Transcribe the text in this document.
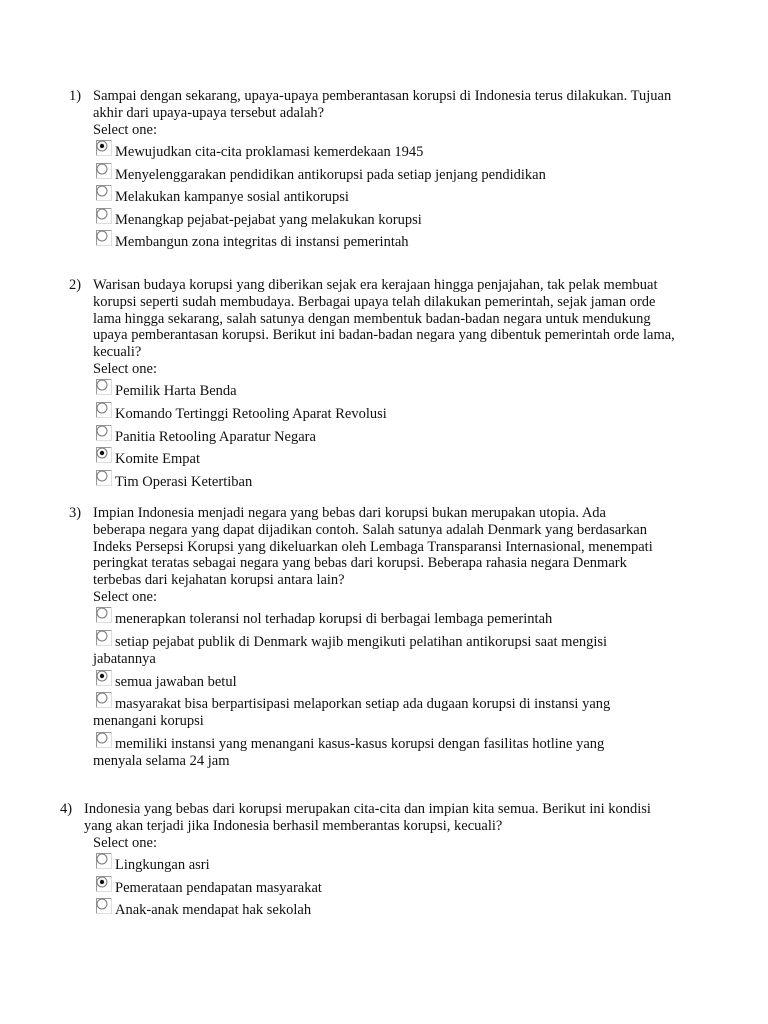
1) Sampai dengan sekarang, upaya-upaya pemberantasan korupsi di Indonesia terus dilakukan. Tujuan akhir dari upaya-upaya tersebut adalah?

Select one:

Mewujudkan cita-cita proklamasi kemerdekaan 1945
Menyelenggarakan pendidikan antikorupsi pada setiap jenjang pendidikan
Melakukan kampanye sosial antikorupsi
Menangkap pejabat-pejabat yang melakukan korupsi
Membangun zona integritas di instansi pemerintah
2) Warisan budaya korupsi yang diberikan sejak era kerajaan hingga penjajahan, tak pelak membuat korupsi seperti sudah membudaya. Berbagai upaya telah dilakukan pemerintah, sejak jaman orde lama hingga sekarang, salah satunya dengan membentuk badan-badan negara untuk mendukung upaya pemberantasan korupsi. Berikut ini badan-badan negara yang dibentuk pemerintah orde lama, kecuali?

Select one:

Pemilik Harta Benda
Komando Tertinggi Retooling Aparat Revolusi
Panitia Retooling Aparatur Negara
Komite Empat
Tim Operasi Ketertiban
3) Impian Indonesia menjadi negara yang bebas dari korupsi bukan merupakan utopia. Ada beberapa negara yang dapat dijadikan contoh. Salah satunya adalah Denmark yang berdasarkan Indeks Persepsi Korupsi yang dikeluarkan oleh Lembaga Transparansi Internasional, menempati peringkat teratas sebagai negara yang bebas dari korupsi. Beberapa rahasia negara Denmark terbebas dari kejahatan korupsi antara lain?

Select one:

menerapkan toleransi nol terhadap korupsi di berbagai lembaga pemerintah
setiap pejabat publik di Denmark wajib mengikuti pelatihan antikorupsi saat mengisi jabatannya
semua jawaban betul
masyarakat bisa berpartisipasi melaporkan setiap ada dugaan korupsi di instansi yang menangani korupsi
memiliki instansi yang menangani kasus-kasus korupsi dengan fasilitas hotline yang menyala selama 24 jam
4) Indonesia yang bebas dari korupsi merupakan cita-cita dan impian kita semua. Berikut ini kondisi yang akan terjadi jika Indonesia berhasil memberantas korupsi, kecuali?

Select one:

Lingkungan asri
Pemerataan pendapatan masyarakat
Anak-anak mendapat hak sekolah
